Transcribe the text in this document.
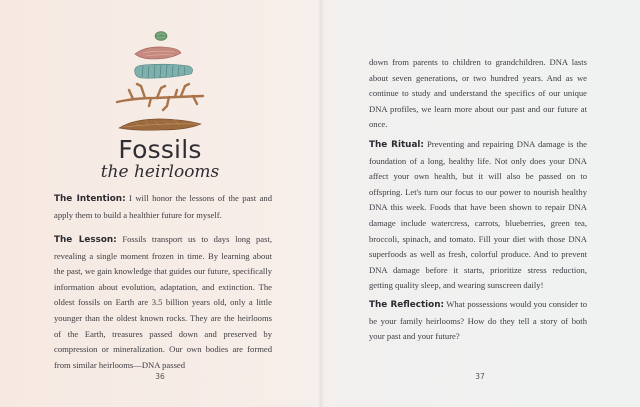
Fossils
the heirlooms
The Intention: I will honor the lessons of the past and apply them to build a healthier future for myself.
The Lesson: Fossils transport us to days long past, revealing a single moment frozen in time. By learning about the past, we gain knowledge that guides our future, specifically information about evolution, adaptation, and extinction. The oldest fossils on Earth are 3.5 billion years old, only a little younger than the oldest known rocks. They are the heirlooms of the Earth, treasures passed down and preserved by compression or mineralization. Our own bodies are formed from similar heirlooms—DNA passed
36
down from parents to children to grandchildren. DNA lasts about seven generations, or two hundred years. And as we continue to study and understand the specifics of our unique DNA profiles, we learn more about our past and our future at once.
The Ritual: Preventing and repairing DNA damage is the foundation of a long, healthy life. Not only does your DNA affect your own health, but it will also be passed on to offspring. Let's turn our focus to our power to nourish healthy DNA this week. Foods that have been shown to repair DNA damage include watercress, carrots, blueberries, green tea, broccoli, spinach, and tomato. Fill your diet with those DNA superfoods as well as fresh, colorful produce. And to prevent DNA damage before it starts, prioritize stress reduction, getting quality sleep, and wearing sunscreen daily!
The Reflection: What possessions would you consider to be your family heirlooms? How do they tell a story of both your past and your future?
37
